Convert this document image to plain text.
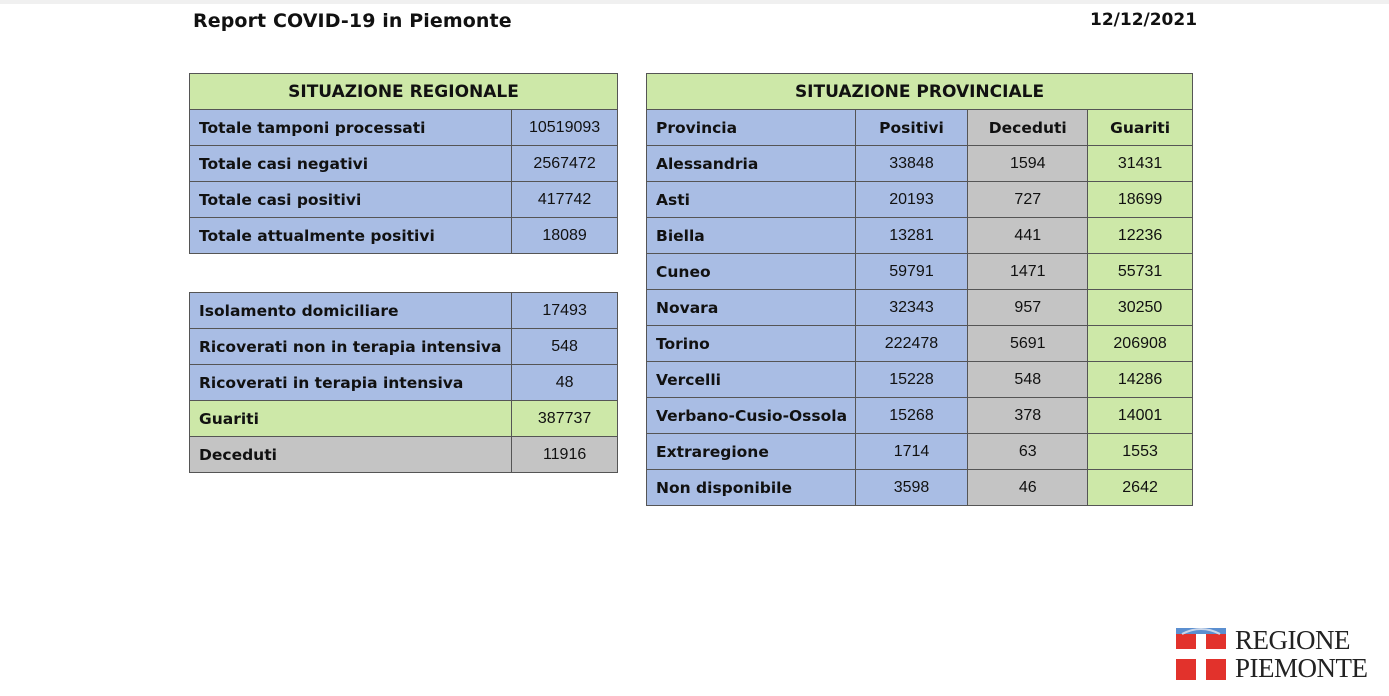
Report COVID-19 in Piemonte	12/12/2021
SITUAZIONE REGIONALE	
Totale tamponi processati	10519093
Totale casi negativi	2567472
Totale casi positivi	417742
Totale attualmente positivi	18089
Isolamento domiciliare	17493
Ricoverati non in terapia intensiva	548
Ricoverati in terapia intensiva	48
Guariti	387737
Deceduti	11916
SITUAZIONE PROVINCIALE			
Provincia	Positivi	Deceduti	Guariti
Alessandria	33848	1594	31431
Asti	20193	727	18699
Biella	13281	441	12236
Cuneo	59791	1471	55731
Novara	32343	957	30250
Torino	222478	5691	206908
Vercelli	15228	548	14286
Verbano-Cusio-Ossola	15268	378	14001
Extraregione	1714	63	1553
Non disponibile	3598	46	2642
REGIONE
PIEMONTE
